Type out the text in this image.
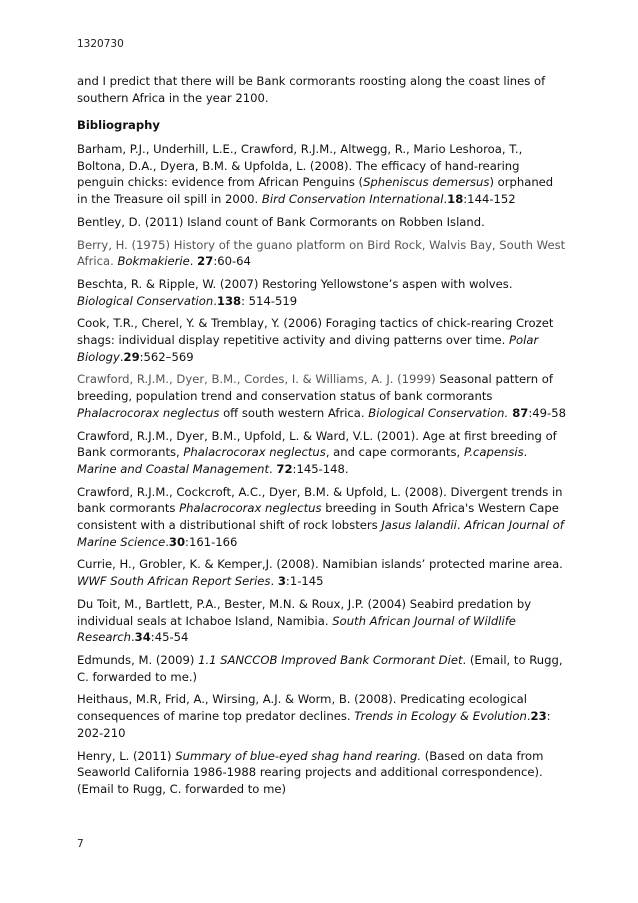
1320730
and I predict that there will be Bank cormorants roosting along the coast lines of southern Africa in the year 2100.
Bibliography

Barham, P.J., Underhill, L.E., Crawford, R.J.M., Altwegg, R., Mario Leshoroa, T., Boltona, D.A., Dyera, B.M. & Upfolda, L. (2008). The efficacy of hand-rearing penguin chicks: evidence from African Penguins (Spheniscus demersus) orphaned in the Treasure oil spill in 2000. Bird Conservation International.18:144-152

Bentley, D. (2011) Island count of Bank Cormorants on Robben Island.

Berry, H. (1975) History of the guano platform on Bird Rock, Walvis Bay, South West Africa. Bokmakierie. 27:60-64

Beschta, R. & Ripple, W. (2007) Restoring Yellowstone’s aspen with wolves. Biological Conservation.138: 514-519

Cook, T.R., Cherel, Y. & Tremblay, Y. (2006) Foraging tactics of chick-rearing Crozet shags: individual display repetitive activity and diving patterns over time. Polar Biology.29:562–569

Crawford, R.J.M., Dyer, B.M., Cordes, I. & Williams, A. J. (1999) Seasonal pattern of breeding, population trend and conservation status of bank cormorants Phalacrocorax neglectus off south western Africa. Biological Conservation. 87:49-58

Crawford, R.J.M., Dyer, B.M., Upfold, L. & Ward, V.L. (2001). Age at first breeding of Bank cormorants, Phalacrocorax neglectus, and cape cormorants, P.capensis. Marine and Coastal Management. 72:145-148.

Crawford, R.J.M., Cockcroft, A.C., Dyer, B.M. & Upfold, L. (2008). Divergent trends in bank cormorants Phalacrocorax neglectus breeding in South Africa's Western Cape consistent with a distributional shift of rock lobsters Jasus lalandii. African Journal of Marine Science.30:161-166

Currie, H., Grobler, K. & Kemper,J. (2008). Namibian islands’ protected marine area. WWF South African Report Series. 3:1-145

Du Toit, M., Bartlett, P.A., Bester, M.N. & Roux, J.P. (2004) Seabird predation by individual seals at Ichaboe Island, Namibia. South African Journal of Wildlife Research.34:45-54

Edmunds, M. (2009) 1.1 SANCCOB Improved Bank Cormorant Diet. (Email, to Rugg, C. forwarded to me.)

Heithaus, M.R, Frid, A., Wirsing, A.J. & Worm, B. (2008). Predicating ecological consequences of marine top predator declines. Trends in Ecology & Evolution.23: 202-210

Henry, L. (2011) Summary of blue-eyed shag hand rearing. (Based on data from Seaworld California 1986-1988 rearing projects and additional correspondence). (Email to Rugg, C. forwarded to me)

7
